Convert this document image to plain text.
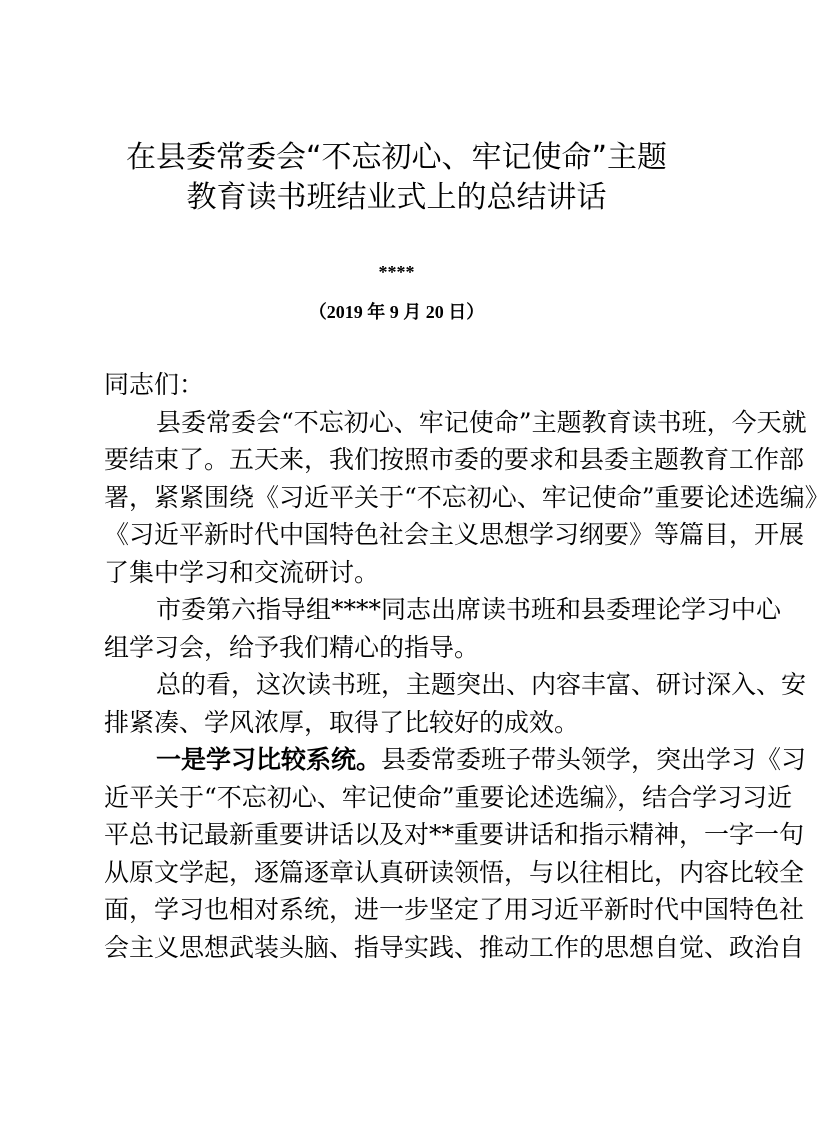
在县委常委会“不忘初心、牢记使命”主题
教育读书班结业式上的总结讲话
****
（2019 年 9 月 20 日）
同志们：
县委常委会“不忘初心、牢记使命”主题教育读书班，今天就
要结束了。五天来，我们按照市委的要求和县委主题教育工作部
署，紧紧围绕《习近平关于“不忘初心、牢记使命”重要论述选编》
《习近平新时代中国特色社会主义思想学习纲要》等篇目，开展
了集中学习和交流研讨。
市委第六指导组****同志出席读书班和县委理论学习中心
组学习会，给予我们精心的指导。
总的看，这次读书班，主题突出、内容丰富、研讨深入、安
排紧凑、学风浓厚，取得了比较好的成效。
一是学习比较系统。县委常委班子带头领学，突出学习《习
近平关于“不忘初心、牢记使命”重要论述选编》，结合学习习近
平总书记最新重要讲话以及对**重要讲话和指示精神，一字一句
从原文学起，逐篇逐章认真研读领悟，与以往相比，内容比较全
面，学习也相对系统，进一步坚定了用习近平新时代中国特色社
会主义思想武装头脑、指导实践、推动工作的思想自觉、政治自
